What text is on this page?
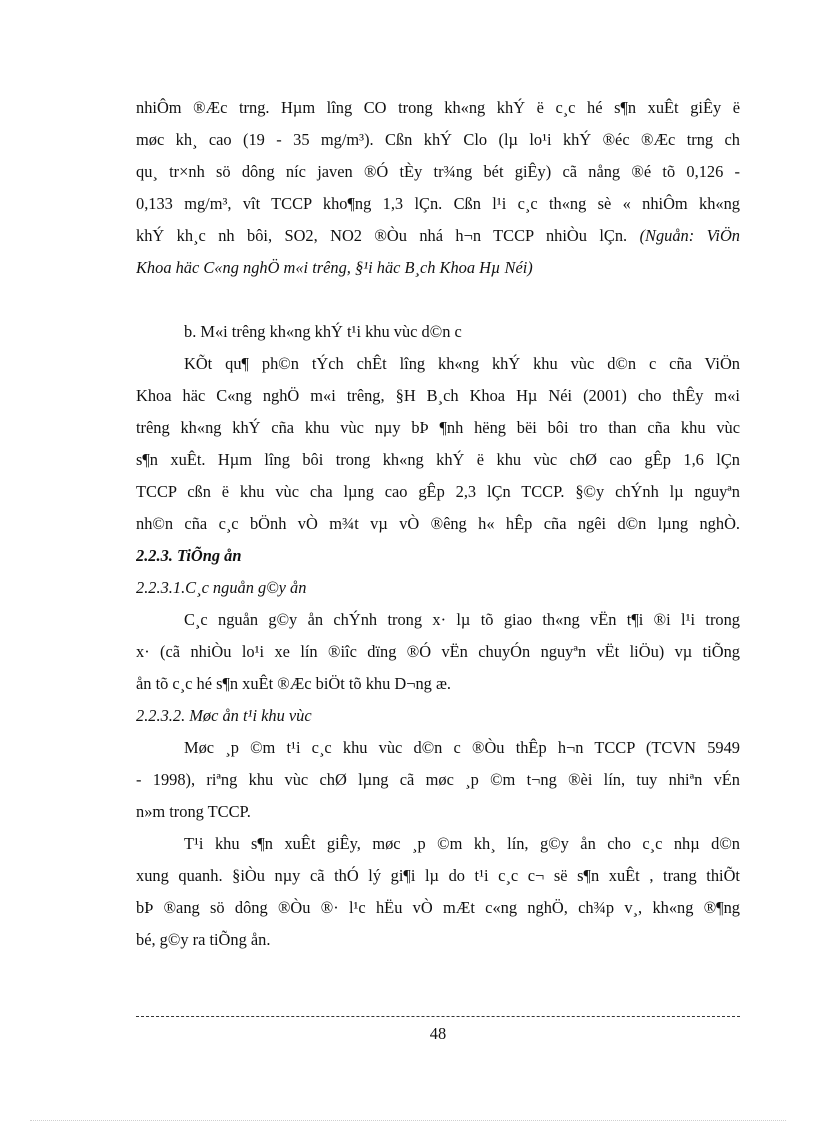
nhiÔm ®Æc trng. Hµm lîng CO trong kh«ng khÝ ë c¸c hé s¶n xuÊt giÊy ë
møc kh¸ cao (19 - 35 mg/m³). Cßn khÝ Clo (lµ lo¹i khÝ ®éc ®Æc trng ch
qu¸ tr×nh sö dông níc javen ®Ó tÈy tr¾ng bét giÊy) cã nång ®é tõ 0,126 -
0,133 mg/m³, vît TCCP kho¶ng 1,3 lÇn. Cßn l¹i c¸c th«ng sè « nhiÔm kh«ng
khÝ kh¸c nh bôi, SO2, NO2 ®Òu nhá h¬n TCCP nhiÒu lÇn. (Nguån: ViÖn
Khoa häc C«ng nghÖ m«i trêng, §¹i häc B¸ch Khoa Hµ Néi)
b. M«i trêng kh«ng khÝ t¹i khu vùc d©n c
KÕt qu¶ ph©n tÝch chÊt lîng kh«ng khÝ khu vùc d©n c cña ViÖn
Khoa häc C«ng nghÖ m«i trêng, §H B¸ch Khoa Hµ Néi (2001) cho thÊy m«i
trêng kh«ng khÝ cña khu vùc nµy bÞ ¶nh hëng bëi bôi tro than cña khu vùc
s¶n xuÊt. Hµm lîng bôi trong kh«ng khÝ ë khu vùc chØ cao gÊp 1,6 lÇn
TCCP cßn ë khu vùc cha lµng cao gÊp 2,3 lÇn TCCP. §©y chÝnh lµ nguyªn
nh©n cña c¸c bÖnh vÒ m¾t vµ vÒ ®êng h« hÊp cña ngêi d©n lµng nghÒ.
2.2.3. TiÕng ån
2.2.3.1.C¸c nguån g©y ån
C¸c nguån g©y ån chÝnh trong x· lµ tõ giao th«ng vËn t¶i ®i l¹i trong
x· (cã nhiÒu lo¹i xe lín ®iîc dïng ®Ó vËn chuyÓn nguyªn vËt liÖu) vµ tiÕng
ån tõ c¸c hé s¶n xuÊt ®Æc biÖt tõ khu D¬ng æ.
2.2.3.2. Møc ån t¹i khu vùc
Møc ¸p ©m t¹i c¸c khu vùc d©n c ®Òu thÊp h¬n TCCP (TCVN 5949
- 1998), riªng khu vùc chØ lµng cã møc ¸p ©m t¬ng ®èi lín, tuy nhiªn vÉn
n»m trong TCCP.
T¹i khu s¶n xuÊt giÊy, møc ¸p ©m kh¸ lín, g©y ån cho c¸c nhµ d©n
xung quanh. §iÒu nµy cã thÓ lý gi¶i lµ do t¹i c¸c c¬ së s¶n xuÊt , trang thiÕt
bÞ ®ang sö dông ®Òu ®· l¹c hËu vÒ mÆt c«ng nghÖ, ch¾p v¸, kh«ng ®¶ng
bé, g©y ra tiÕng ån.
48
